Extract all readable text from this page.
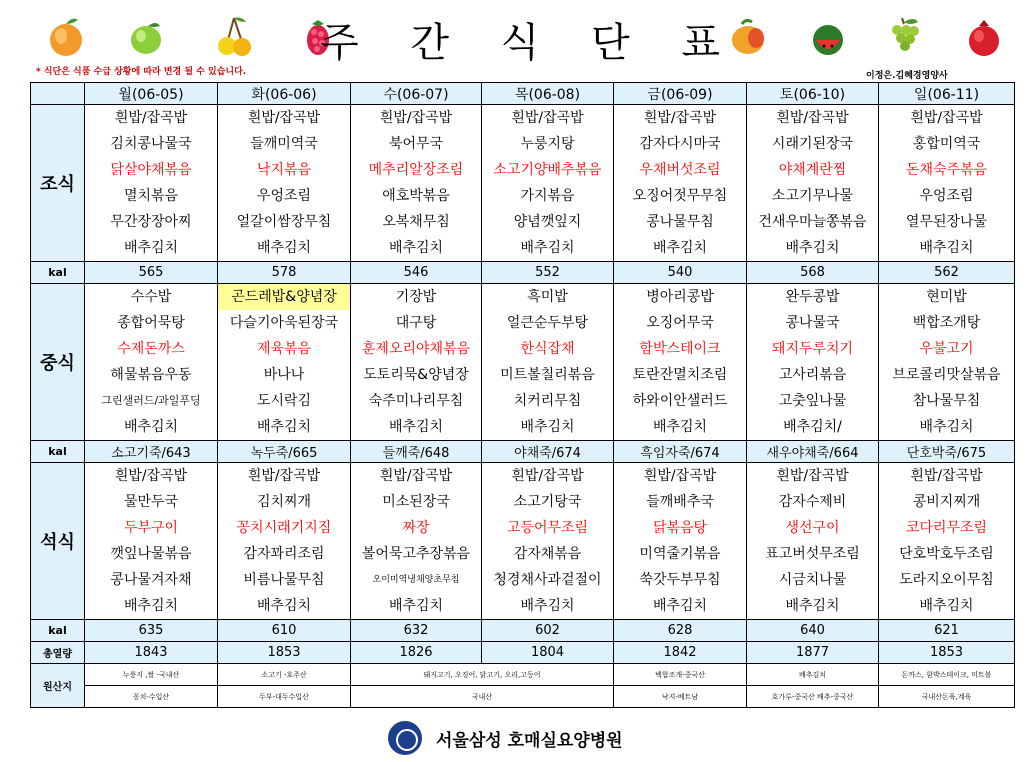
주 간 식 단 표
* 식단은 식품 수급 상황에 따라 변경 될 수 있습니다.	이정은.김혜경영양사
	월(06-05)	화(06-06)	수(06-07)	목(06-08)	금(06-09)	토(06-10)	일(06-11)
조식	흰밥/잡곡밥	흰밥/잡곡밥	흰밥/잡곡밥	흰밥/잡곡밥	흰밥/잡곡밥	흰밥/잡곡밥	흰밥/잡곡밥
	김치콩나물국	들깨미역국	북어무국	누룽지탕	감자다시마국	시래기된장국	홍합미역국
	닭살야채볶음	낙지볶음	메추리알장조림	소고기양배추볶음	우채버섯조림	야채계란찜	돈채숙주볶음
	멸치볶음	우엉조림	애호박볶음	가지볶음	오징어젓무무침	소고기무나물	우엉조림
	무간장장아찌	얼갈이쌈장무침	오복채무침	양념깻잎지	콩나물무침	건새우마늘쫑볶음	열무된장나물
	배추김치	배추김치	배추김치	배추김치	배추김치	배추김치	배추김치
kal	565	578	546	552	540	568	562
중식	수수밥	곤드레밥&양념장	기장밥	흑미밥	병아리콩밥	완두콩밥	현미밥
	종합어묵탕	다슬기아욱된장국	대구탕	얼큰순두부탕	오징어무국	콩나물국	백합조개탕
	수제돈까스	제육볶음	훈제오리야채볶음	한식잡채	함박스테이크	돼지두루치기	우불고기
	해물볶음우동	바나나	도토리묵&양념장	미트볼칠리볶음	토란잔멸치조림	고사리볶음	브로콜리맛살볶음
	그린샐러드/과일푸딩	도시락김	숙주미나리무침	치커리무침	하와이안샐러드	고춧잎나물	참나물무침
	배추김치	배추김치	배추김치	배추김치	배추김치	배추김치/	배추김치
kal	소고기죽/643	녹두죽/665	들깨죽/648	야채죽/674	흑임자죽/674	새우야채죽/664	단호박죽/675
석식	흰밥/잡곡밥	흰밥/잡곡밥	흰밥/잡곡밥	흰밥/잡곡밥	흰밥/잡곡밥	흰밥/잡곡밥	흰밥/잡곡밥
	물만두국	김치찌개	미소된장국	소고기탕국	들깨배추국	감자수제비	콩비지찌개
	두부구이	꽁치시래기지짐	짜장	고등어무조림	닭볶음탕	생선구이	코다리무조림
	깻잎나물볶음	감자꽈리조림	볼어묵고추장볶음	감자채볶음	미역줄기볶음	표고버섯무조림	단호박호두조림
	콩나물겨자채	비름나물무침	오이미역냉채양초무침	청경채사과겉절이	쑥갓두부무침	시금치나물	도라지오이무침
	배추김치	배추김치	배추김치	배추김치	배추김치	배추김치	배추김치
kal	635	610	632	602	628	640	621
총열량	1843	1853	1826	1804	1842	1877	1853
원산지	누룽지 ,쌀 -국내산	소고기 -호주산	돼지고기, 오징어, 닭고기, 오리,고등어		백합조개-중국산	배추김치	돈까스, 함박스테이크, 미트볼
	꽁치-수입산	두부-대두수입산	국내산		낙지-베트남	호가루-중국산 배추-중국산	국내산돈육,계육
서울삼성 호매실요양병원
